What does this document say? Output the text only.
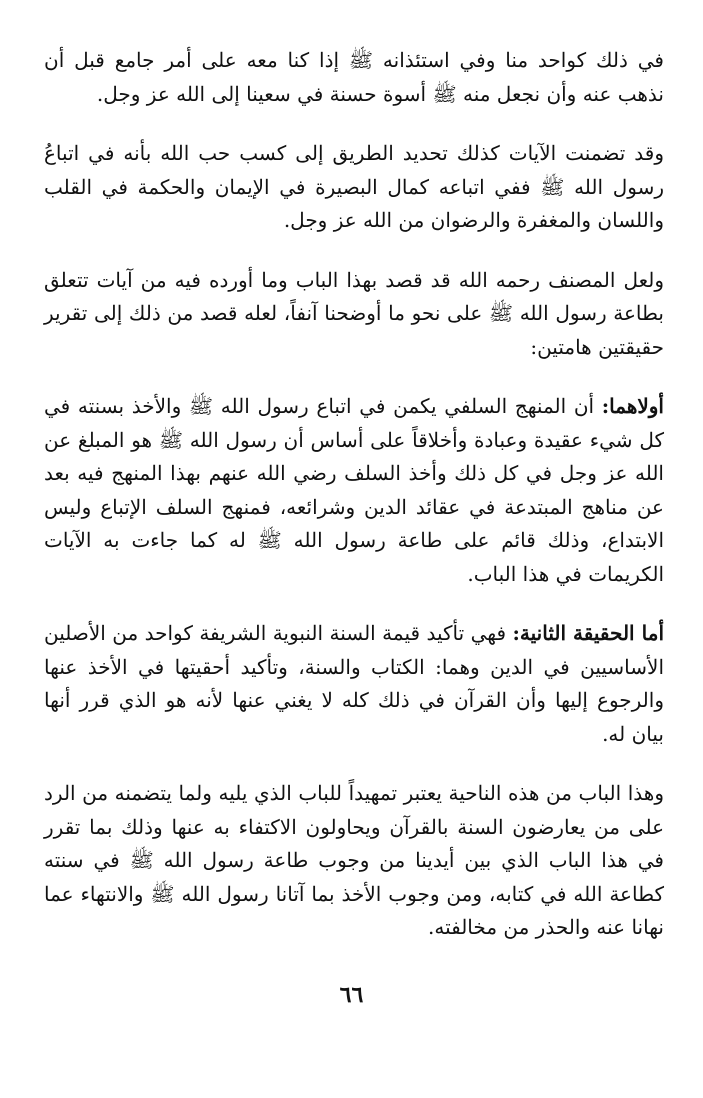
في ذلك كواحد منا وفي استئذانه ﷺ إذا كنا معه على أمر جامع قبل أن نذهب عنه وأن نجعل منه ﷺ أسوة حسنة في سعينا إلى الله عز وجل.

وقد تضمنت الآيات كذلك تحديد الطريق إلى كسب حب الله بأنه في اتباعُ رسول الله ﷺ ففي اتباعه كمال البصيرة في الإيمان والحكمة في القلب واللسان والمغفرة والرضوان من الله عز وجل.

ولعل المصنف رحمه الله قد قصد بهذا الباب وما أورده فيه من آيات تتعلق بطاعة رسول الله ﷺ على نحو ما أوضحنا آنفاً، لعله قصد من ذلك إلى تقرير حقيقتين هامتين:

أولاهما: أن المنهج السلفي يكمن في اتباع رسول الله ﷺ والأخذ بسنته في كل شيء عقيدة وعبادة وأخلاقاً على أساس أن رسول الله ﷺ هو المبلغ عن الله عز وجل في كل ذلك وأخذ السلف رضي الله عنهم بهذا المنهج فيه بعد عن مناهج المبتدعة في عقائد الدين وشرائعه، فمنهج السلف الإتباع وليس الابتداع، وذلك قائم على طاعة رسول الله ﷺ له كما جاءت به الآيات الكريمات في هذا الباب.

أما الحقيقة الثانية: فهي تأكيد قيمة السنة النبوية الشريفة كواحد من الأصلين الأساسيين في الدين وهما: الكتاب والسنة، وتأكيد أحقيتها في الأخذ عنها والرجوع إليها وأن القرآن في ذلك كله لا يغني عنها لأنه هو الذي قرر أنها بيان له.

وهذا الباب من هذه الناحية يعتبر تمهيداً للباب الذي يليه ولما يتضمنه من الرد على من يعارضون السنة بالقرآن ويحاولون الاكتفاء به عنها وذلك بما تقرر في هذا الباب الذي بين أيدينا من وجوب طاعة رسول الله ﷺ في سنته كطاعة الله في كتابه، ومن وجوب الأخذ بما آتانا رسول الله ﷺ والانتهاء عما نهانا عنه والحذر من مخالفته.

٦٦
